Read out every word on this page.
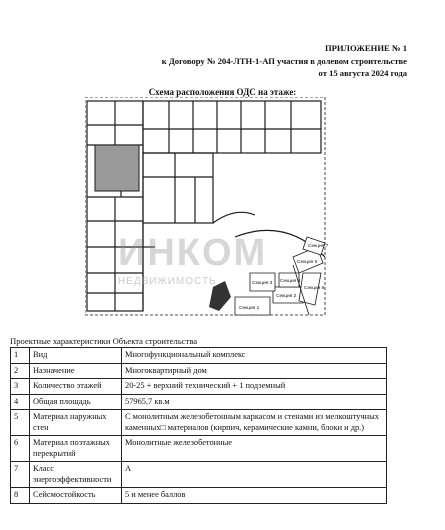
ПРИЛОЖЕНИЕ № 1
к Договору № 204-ЛТН-1-АП участия в долевом строительстве
от 15 августа 2024 года
Схема расположения ОДС на этаже:
Секция 1
Секция 2
Секция 3 Секция 4
Секция 5
Секция 6
Секция 7
ИНКОМ
НЕДВИЖИМОСТЬ
Проектные характеристики Объекта строительства
1	Вид	Многофункциональный комплекс
2	Назначение	Многоквартирный дом
3	Количество этажей	20-25 + верхний технический + 1 подземный
4	Общая площадь	57965,7 кв.м
5	Материал наружных стен	С монолитным железобетонным каркасом и стенами из мелкоштучных каменных□ материалов (кирпич, керамические камни, блоки и др.)
6	Материал поэтажных перекрытий	Монолитные железобетонные
7	Класс энергоэффективности	А
8	Сейсмостойкость	5 и менее баллов
